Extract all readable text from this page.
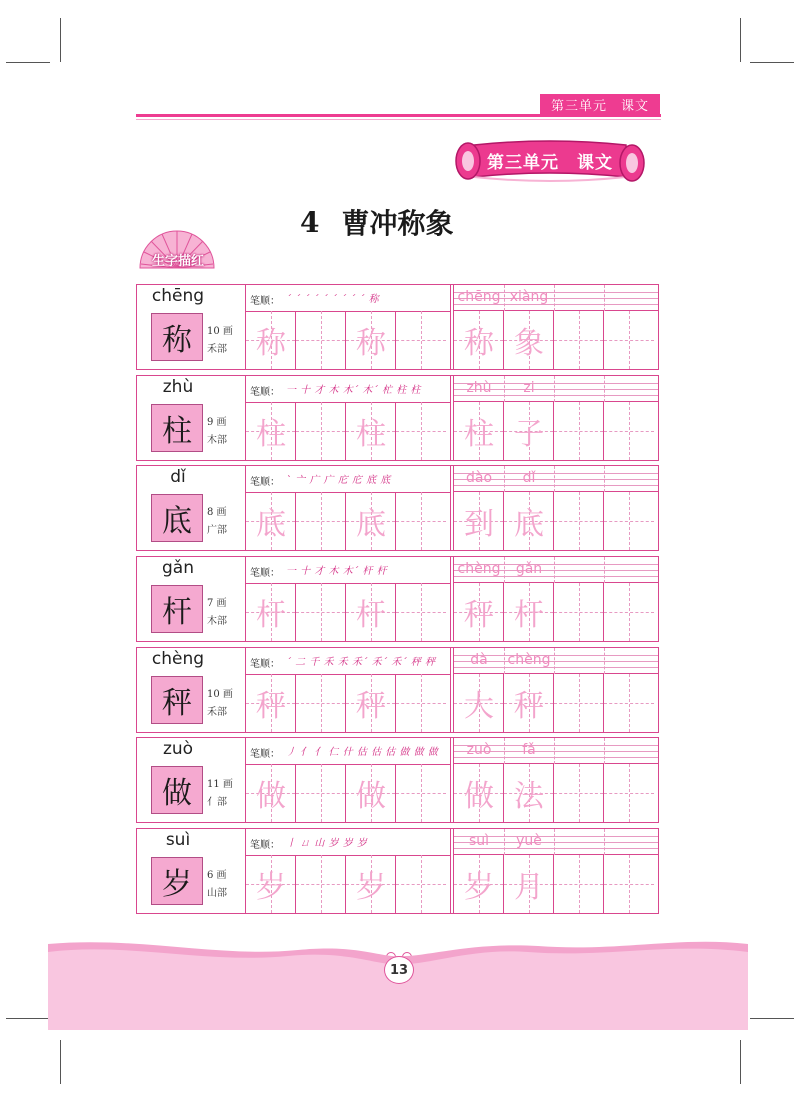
第三单元　课文
第三单元　课文
4 曹冲称象
生字描红
chēng
称	10 画
禾部
笔顺： ˊ ˊ ˊ ˊ ˊ ˊ ˊ ˊ ˊ 称
称	称
chēng xiàng
称 象
zhù
柱	9 画
木部
笔顺： 一 十 才 木 木ˊ 木ˊ 杧 柱 柱
柱	柱
zhù	zi
柱 子
dǐ
底	8 画
广部
笔顺： ˋ 亠 广 广 庀 庀 底 底
底	底
dào	dǐ
到 底
gǎn
杆	7 画
木部
笔顺： 一 十 才 木 木ˊ 杆 杆
杆	杆
chèng	gǎn
秤 杆
chèng
秤	10 画
禾部
笔顺： ˊ 二 千 禾 禾 禾ˊ 禾ˊ 禾ˊ 秤 秤
秤	秤
dà	chèng
大 秤
zuò
做	11 画
亻部
笔顺： 丿 亻 亻 仁 什 估 估 估 做 做 做
做	做
zuò	fǎ
做 法
suì
岁	6 画
山部
笔顺： 丨 ㄩ 山 岁 岁 岁
岁	岁
suì	yuè
岁 月
13
